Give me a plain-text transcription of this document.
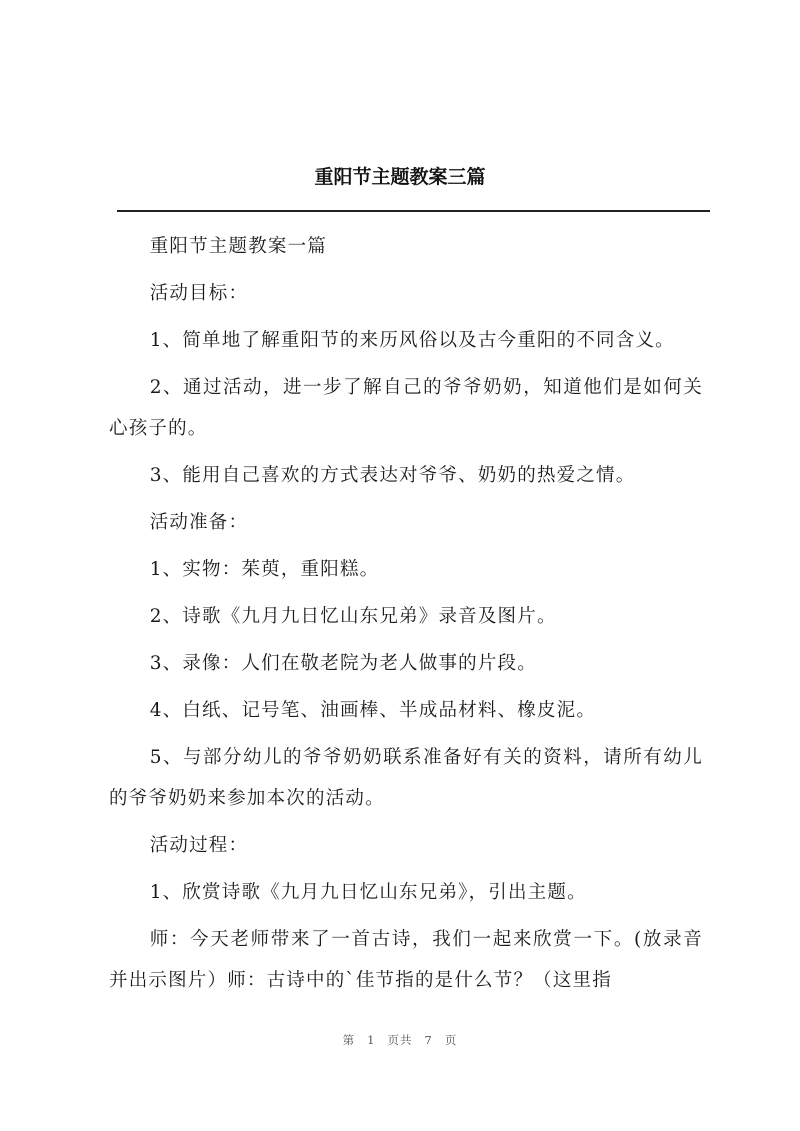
重阳节主题教案三篇

重阳节主题教案一篇

活动目标：

1、简单地了解重阳节的来历风俗以及古今重阳的不同含义。

2、通过活动，进一步了解自己的爷爷奶奶，知道他们是如何关心孩子的。

3、能用自己喜欢的方式表达对爷爷、奶奶的热爱之情。

活动准备：

1、实物：茱萸，重阳糕。

2、诗歌《九月九日忆山东兄弟》录音及图片。

3、录像：人们在敬老院为老人做事的片段。

4、白纸、记号笔、油画棒、半成品材料、橡皮泥。

5、与部分幼儿的爷爷奶奶联系准备好有关的资料，请所有幼儿的爷爷奶奶来参加本次的活动。

活动过程：

1、欣赏诗歌《九月九日忆山东兄弟》，引出主题。

师：今天老师带来了一首古诗，我们一起来欣赏一下。(放录音并出示图片）师：古诗中的`佳节指的是什么节？（这里指

第 1 页共 7 页
